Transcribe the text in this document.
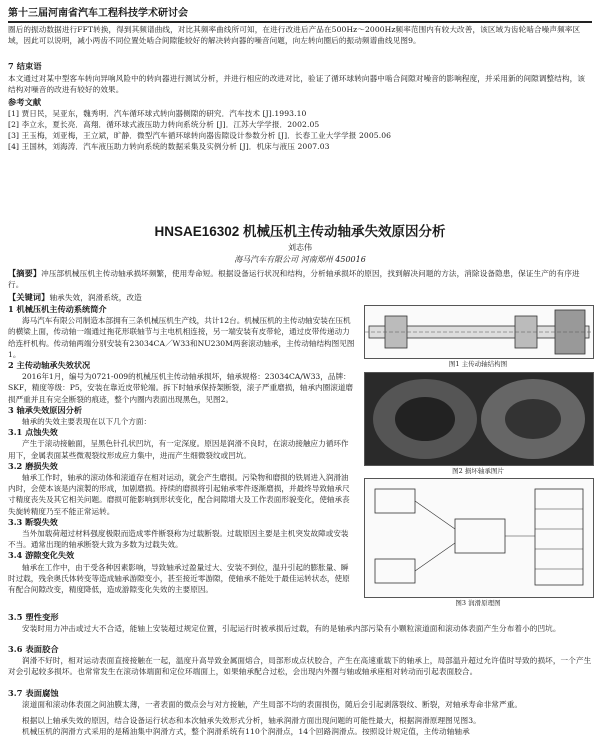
第十三届河南省汽车工程科技学术研讨会
圈后的振动数据进行FFT转换，得到其频谱曲线，对比其频率曲线所可知，在进行改进后产品在500Hz～2000Hz频率范围内有较大改善，该区域为齿轮啮合噪声频率区域，因此可以说明，减小两齿不同位置处啮合间隙能较好的解决转向器的噪音问题，向左转向圈后的振动频谱曲线见图9。
7 结束语
本文通过对某中型客车转向异响风险中的转向器进行测试分析，并进行相应的改进对比，验证了循环球转向器中啮合间隙对噪音的影响程度，并采用新的间隙调整结构，该结构对噪音的改进有较好的效果。
参考文献
[1] 贾日民，吴亚东，魏秀明．汽车循环球式转向器侧隙的研究．汽车技术 [J].1993.10
[2] 李立永，夏长亮．高翔．循环球式液压助力转向系统分析 [J]．江苏大学学报．2002.05
[3] 王玉梅，刘亚梅，王立斌，旷静．微型汽车循环球转向器齿隙设计参数分析 [J]．长春工业大学学报 2005.06
[4] 王国林，刘海涛．汽车液压助力转向系统的数据采集及实例分析 [J]．机床与液压 2007.03
HNSAE16302 机械压机主传动轴承失效原因分析
刘志伟
海马汽车有限公司 河南郑州 450016
【摘要】冲压部机械压机主传动轴承损坏频繁，使用寿命短。根据设备运行状况和结构，分析轴承损坏的原因，找到解决问题的方法，消除设备隐患，保证生产的有序进行。
【关键词】轴承失效，润滑系统，改造

1 机械压机主传动系统简介

海马汽车有限公司制造本部拥有三条机械压机生产线，共计12台。机械压机的主传动轴安装在压机的横梁上面，传动轴一端通过拖花形联轴节与主电机相连接，另一端安装有皮带轮，通过皮带传递动力给连杆机构。传动轴两端分别安装有23034CA／W33和NU230M两套滚动轴承，主传动轴结构图见图1。

2 主传动轴承失效状况

2016年1月，编号为0721-009的机械压机主传动轴承损坏，轴承规格：23034CA/W33，品牌：SKF，精度等级：P5，安装在靠近皮带轮端。拆下时轴承保持架断裂，滚子严重磨损，轴承内圈滚道磨损严重并且有完全断裂的痕迹，整个内圈内表面出现黑色，见图2。

3 轴承失效原因分析

轴承的失效主要表现在以下几个方面：

3.1 点蚀失效

产生于滚动接触面，呈黑色针孔状凹坑，有一定深度。原因是润滑不良时，在滚动接触应力循环作用下，金属表面某些微观裂纹形成应力集中，进而产生细微裂纹或凹坑。

3.2 磨损失效

轴承工作时，轴承的滚动体和滚道存在相对运动，就会产生磨损。污染物和磨损的铁屑进入润滑油内时，会使本该是内滚製的形成，加剧磨损。持续的磨损将引起轴承零件逐渐磨损，并最终导致轴承尺寸精度丧失及其它相关问题。磨损可能影响到形状变化，配合间隙增大及工作表面形貌变化，使轴承丧失旋转精度乃至不能正常运转。

3.3 断裂失效

当外加载荷超过材料强度极限而造成零件断裂称为过载断裂。过载原因主要是主机突发故障或安装不当。通常出现的轴承断裂大致为多数为过载失效。

3.4 游隙变化失效

轴承在工作中，由于受各种因素影响，导致轴承过盈量过大、安装不到位，温升引起的膨胀量、瞬时过载，残余奥氏体转变等造成轴承游隙变小，甚至接近零游隙，使轴承不能处于最佳运转状态，使原有配合间隙改变，精度降低，造成游隙变化失效的主要原因。

3.5 塑性变形
安装时用力冲击或过大不合适，能轴上安装超过规定位置，引起运行时被承损后过载，有的是轴承内部污染有小颗粒滚道面和滚动体表面产生分布着小的凹坑。
3.6 表面胶合
润滑不好时，相对运动表面直接接触在一起，温度升高导致金属面熔合，局部形成点状胶合，产生在高速重载下的轴承上，局部温升超过允许值时导致的损坏，一个产生对会引起较多损坏。也常常发生在滚动体端面和定位环端面上，如果轴承配合过松，会出现内外圈与轴或轴承座相对转动而引起表面胶合。
3.7 表面腐蚀
滚道面和滚动体表面之间油膜太薄，一者表面的微点会与对方接触，产生局部不均的表面损伤，随后会引起剥落裂纹、断裂，对轴承寿命非常严重。
根据以上轴承失效的原因，结合设备运行状态和本次轴承失效形式分析，轴承润滑方面出现问题的可能性最大，根据润滑原理图见图3。
机械压机的润滑方式采用的是稀油集中润滑方式，整个润滑系统有110个润滑点，14个回路润滑点。按照设计规定值，主传动轴轴承
图1 主传动轴结构图
图2 损坏轴承图片
图3 润滑原理图
